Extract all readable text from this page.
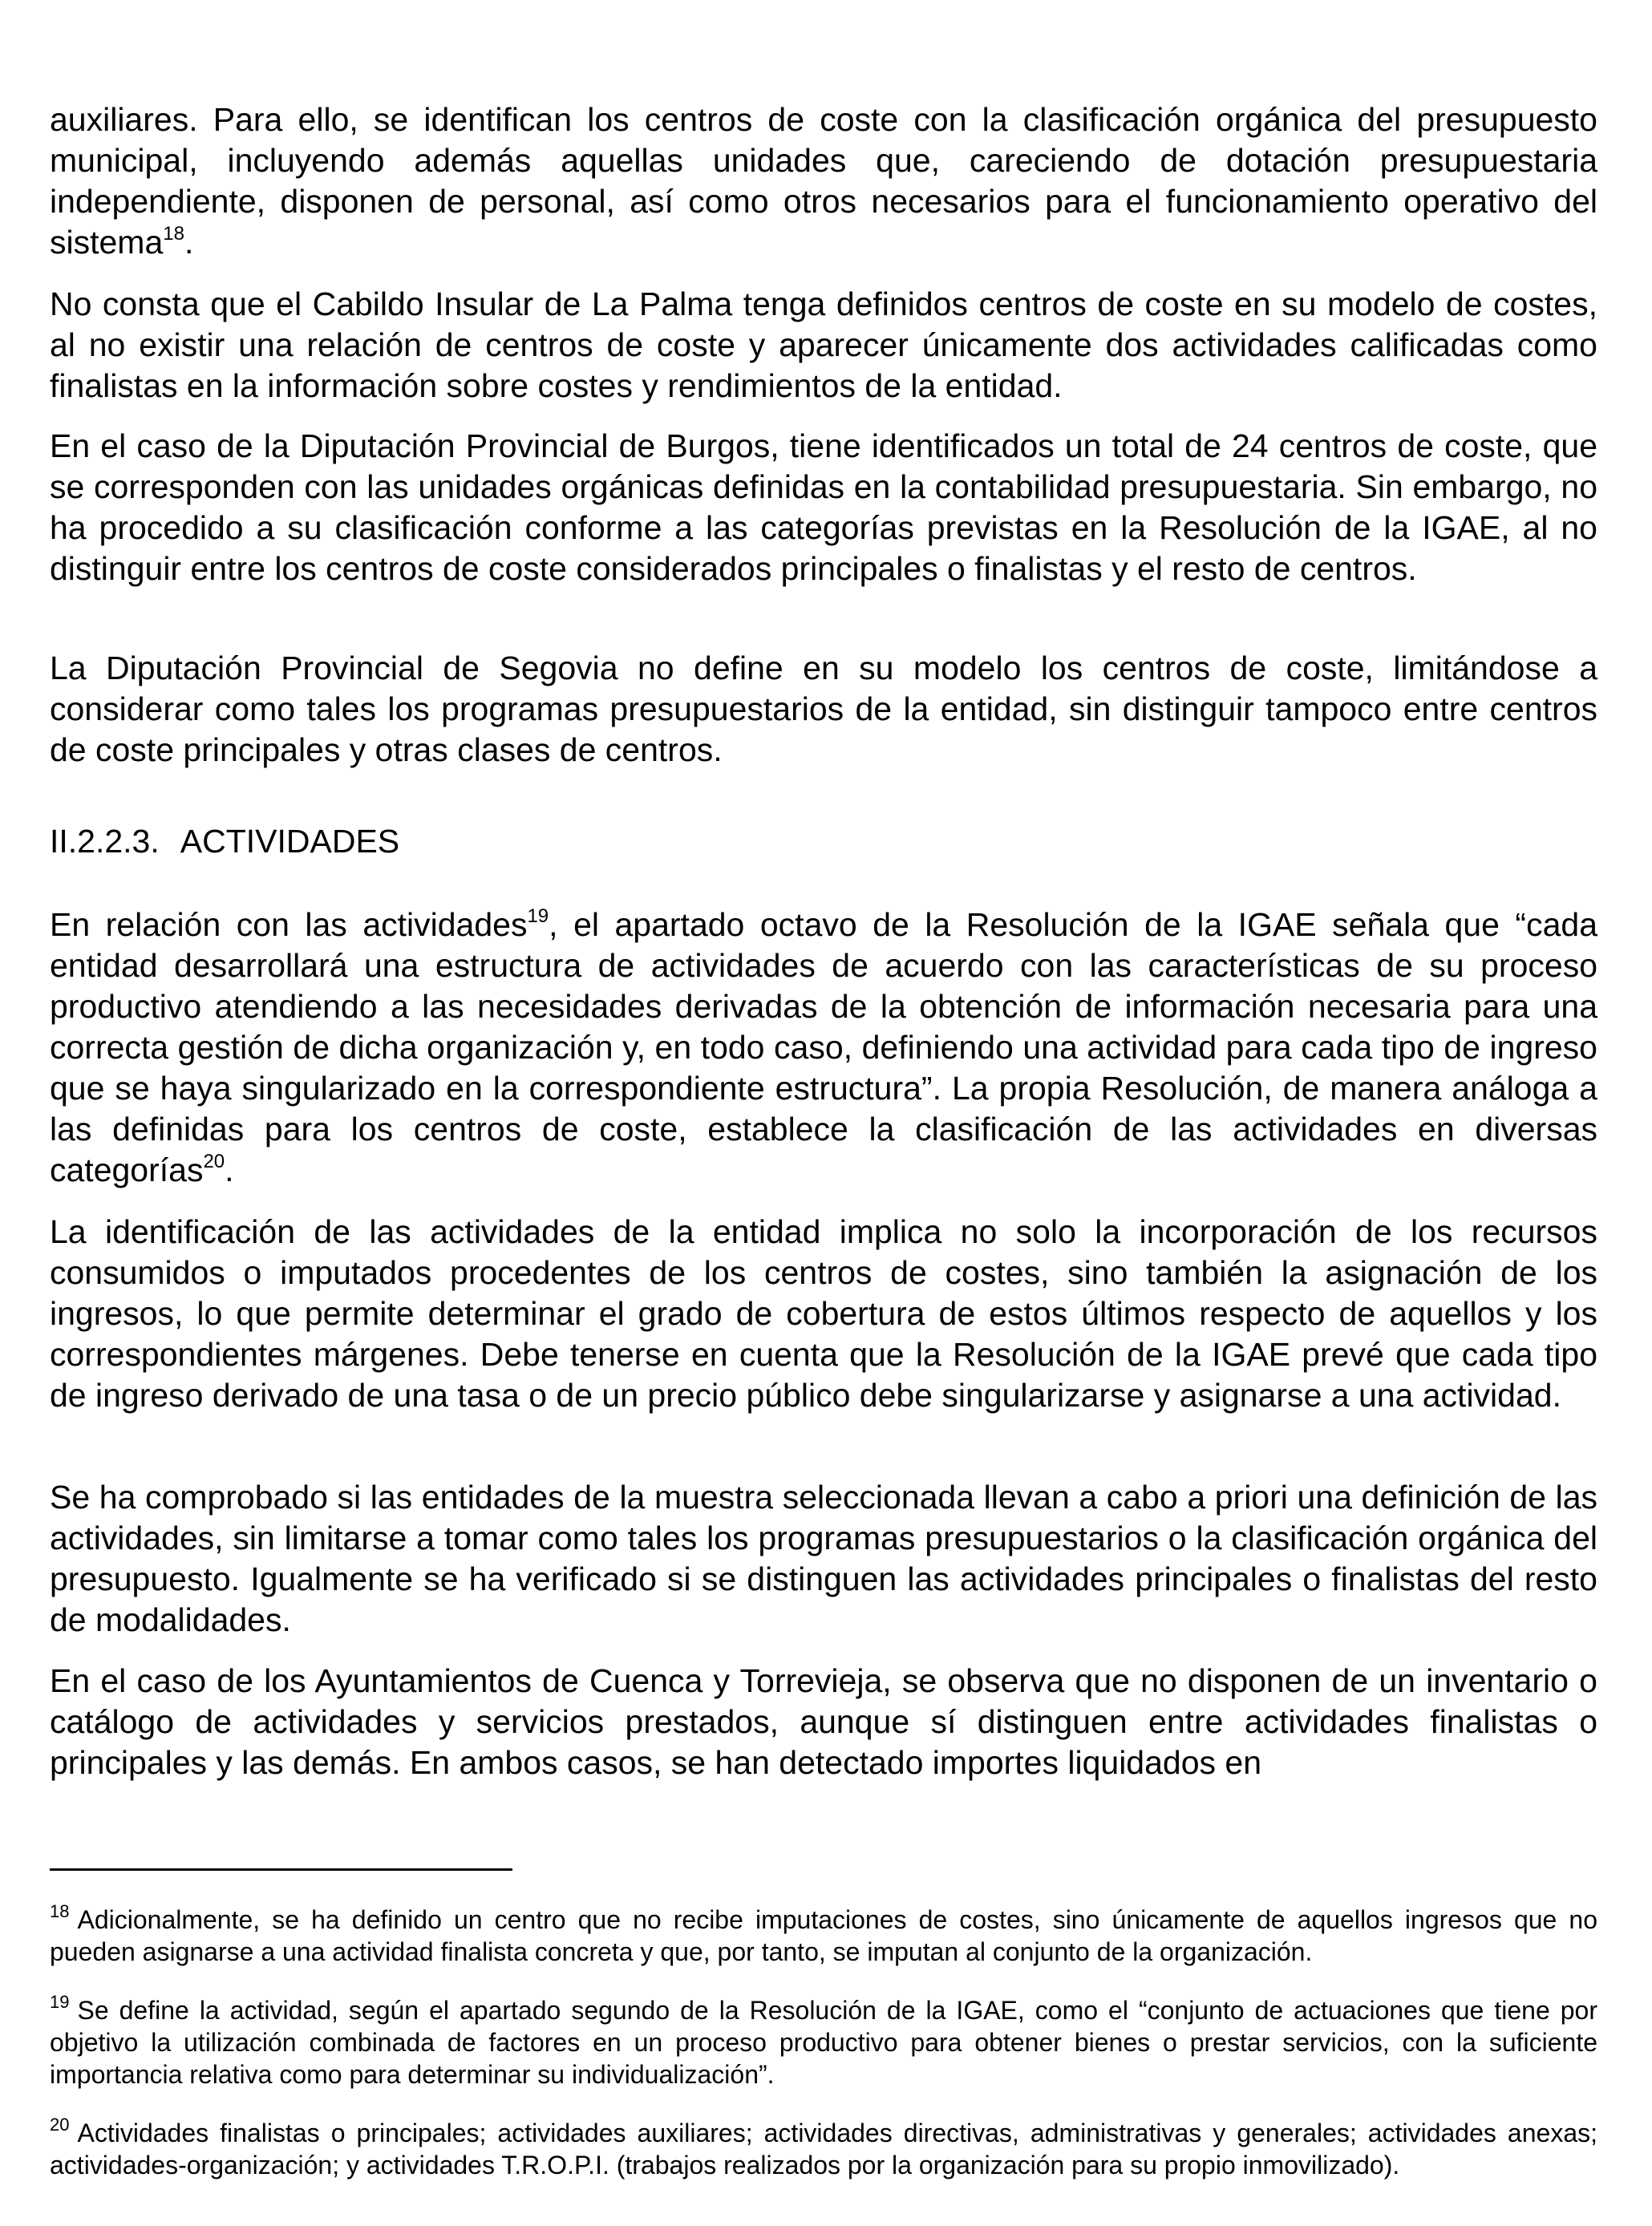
auxiliares. Para ello, se identifican los centros de coste con la clasificación orgánica del presupuesto municipal, incluyendo además aquellas unidades que, careciendo de dotación presupuestaria independiente, disponen de personal, así como otros necesarios para el funcionamiento operativo del sistema$^{18}$.

No consta que el Cabildo Insular de La Palma tenga definidos centros de coste en su modelo de costes, al no existir una relación de centros de coste y aparecer únicamente dos actividades calificadas como finalistas en la información sobre costes y rendimientos de la entidad.

En el caso de la Diputación Provincial de Burgos, tiene identificados un total de 24 centros de coste, que se corresponden con las unidades orgánicas definidas en la contabilidad presupuestaria. Sin embargo, no ha procedido a su clasificación conforme a las categorías previstas en la Resolución de la IGAE, al no distinguir entre los centros de coste considerados principales o finalistas y el resto de centros.

La Diputación Provincial de Segovia no define en su modelo los centros de coste, limitándose a considerar como tales los programas presupuestarios de la entidad, sin distinguir tampoco entre centros de coste principales y otras clases de centros.

II.2.2.3. ACTIVIDADES

En relación con las actividades$^{19}$, el apartado octavo de la Resolución de la IGAE señala que “cada entidad desarrollará una estructura de actividades de acuerdo con las características de su proceso productivo atendiendo a las necesidades derivadas de la obtención de información necesaria para una correcta gestión de dicha organización y, en todo caso, definiendo una actividad para cada tipo de ingreso que se haya singularizado en la correspondiente estructura”. La propia Resolución, de manera análoga a las definidas para los centros de coste, establece la clasificación de las actividades en diversas categorías$^{20}$.

La identificación de las actividades de la entidad implica no solo la incorporación de los recursos consumidos o imputados procedentes de los centros de costes, sino también la asignación de los ingresos, lo que permite determinar el grado de cobertura de estos últimos respecto de aquellos y los correspondientes márgenes. Debe tenerse en cuenta que la Resolución de la IGAE prevé que cada tipo de ingreso derivado de una tasa o de un precio público debe singularizarse y asignarse a una actividad.

Se ha comprobado si las entidades de la muestra seleccionada llevan a cabo a priori una definición de las actividades, sin limitarse a tomar como tales los programas presupuestarios o la clasificación orgánica del presupuesto. Igualmente se ha verificado si se distinguen las actividades principales o finalistas del resto de modalidades.

En el caso de los Ayuntamientos de Cuenca y Torrevieja, se observa que no disponen de un inventario o catálogo de actividades y servicios prestados, aunque sí distinguen entre actividades finalistas o principales y las demás. En ambos casos, se han detectado importes liquidados en

$^{18}$ Adicionalmente, se ha definido un centro que no recibe imputaciones de costes, sino únicamente de aquellos ingresos que no pueden asignarse a una actividad finalista concreta y que, por tanto, se imputan al conjunto de la organización.

$^{19}$ Se define la actividad, según el apartado segundo de la Resolución de la IGAE, como el “conjunto de actuaciones que tiene por objetivo la utilización combinada de factores en un proceso productivo para obtener bienes o prestar servicios, con la suficiente importancia relativa como para determinar su individualización”.

$^{20}$ Actividades finalistas o principales; actividades auxiliares; actividades directivas, administrativas y generales; actividades anexas; actividades-organización; y actividades T.R.O.P.I. (trabajos realizados por la organización para su propio inmovilizado).
